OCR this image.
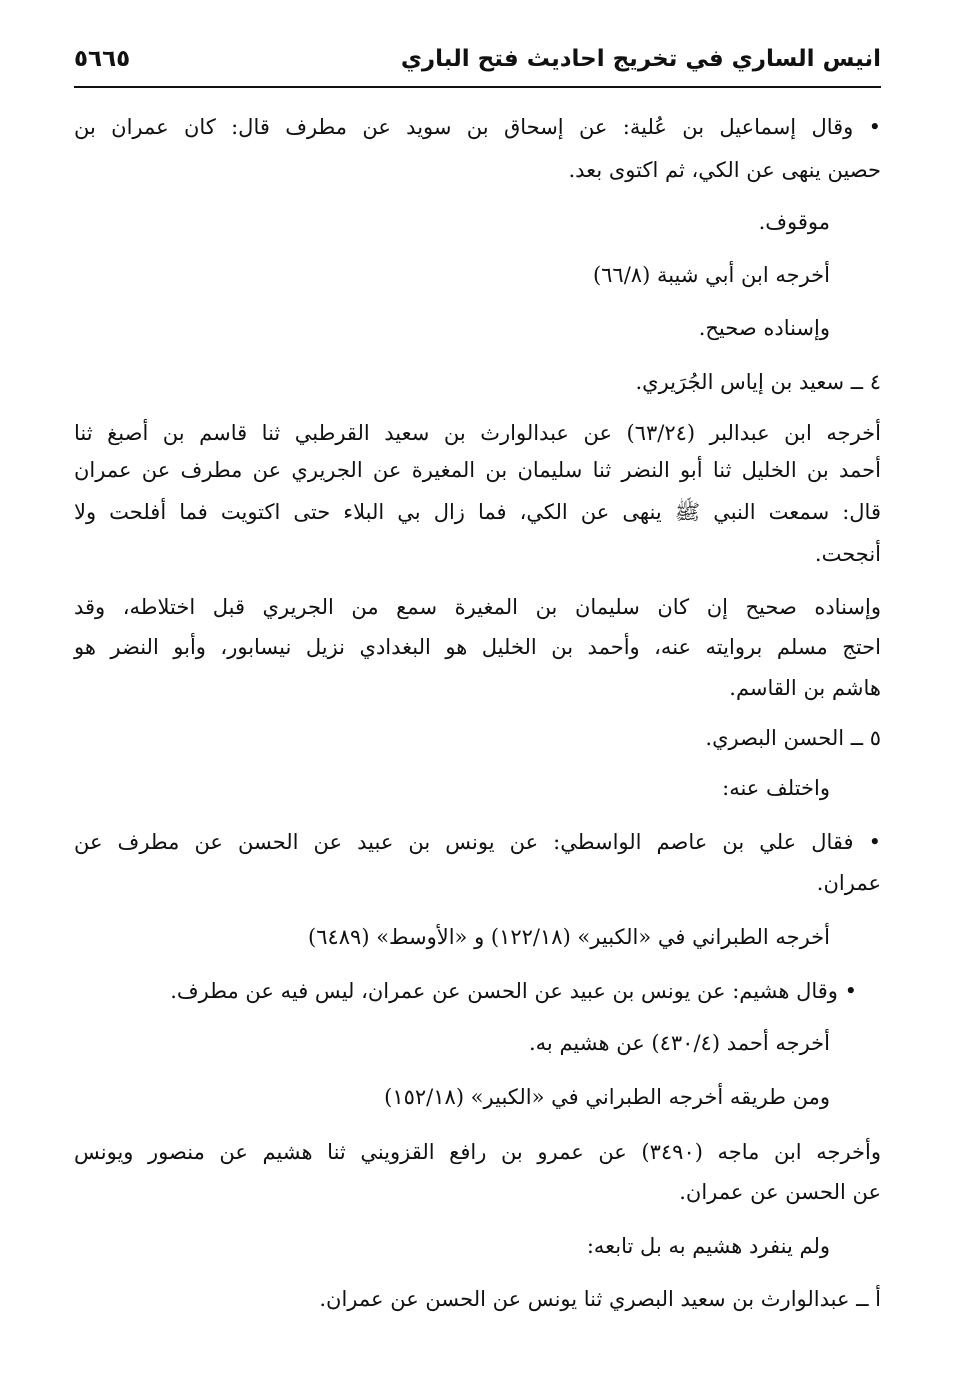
انيس الساري في تخريج احاديث فتح الباري
٥٦٦٥
• وقال إسماعيل بن عُلية: عن إسحاق بن سويد عن مطرف قال: كان عمران بن
حصين ينهى عن الكي، ثم اكتوى بعد.
موقوف.
أخرجه ابن أبي شيبة (٦٦/٨)
وإسناده صحيح.
٤ ــ سعيد بن إياس الجُرَيري.
أخرجه ابن عبدالبر (٦٣/٢٤) عن عبدالوارث بن سعيد القرطبي ثنا قاسم بن أصبغ ثنا
أحمد بن الخليل ثنا أبو النضر ثنا سليمان بن المغيرة عن الجريري عن مطرف عن عمران
قال: سمعت النبي ﷺ ينهى عن الكي، فما زال بي البلاء حتى اكتويت فما أفلحت ولا
أنجحت.
وإسناده صحيح إن كان سليمان بن المغيرة سمع من الجريري قبل اختلاطه، وقد
احتج مسلم بروايته عنه، وأحمد بن الخليل هو البغدادي نزيل نيسابور، وأبو النضر هو
هاشم بن القاسم.
٥ ــ الحسن البصري.
واختلف عنه:
• فقال علي بن عاصم الواسطي: عن يونس بن عبيد عن الحسن عن مطرف عن
عمران.
أخرجه الطبراني في «الكبير» (١٢٢/١٨) و «الأوسط» (٦٤٨٩)
• وقال هشيم: عن يونس بن عبيد عن الحسن عن عمران، ليس فيه عن مطرف.
أخرجه أحمد (٤٣٠/٤) عن هشيم به.
ومن طريقه أخرجه الطبراني في «الكبير» (١٥٢/١٨)
وأخرجه ابن ماجه (٣٤٩٠) عن عمرو بن رافع القزويني ثنا هشيم عن منصور ويونس
عن الحسن عن عمران.
ولم ينفرد هشيم به بل تابعه:
أ ــ عبدالوارث بن سعيد البصري ثنا يونس عن الحسن عن عمران.
